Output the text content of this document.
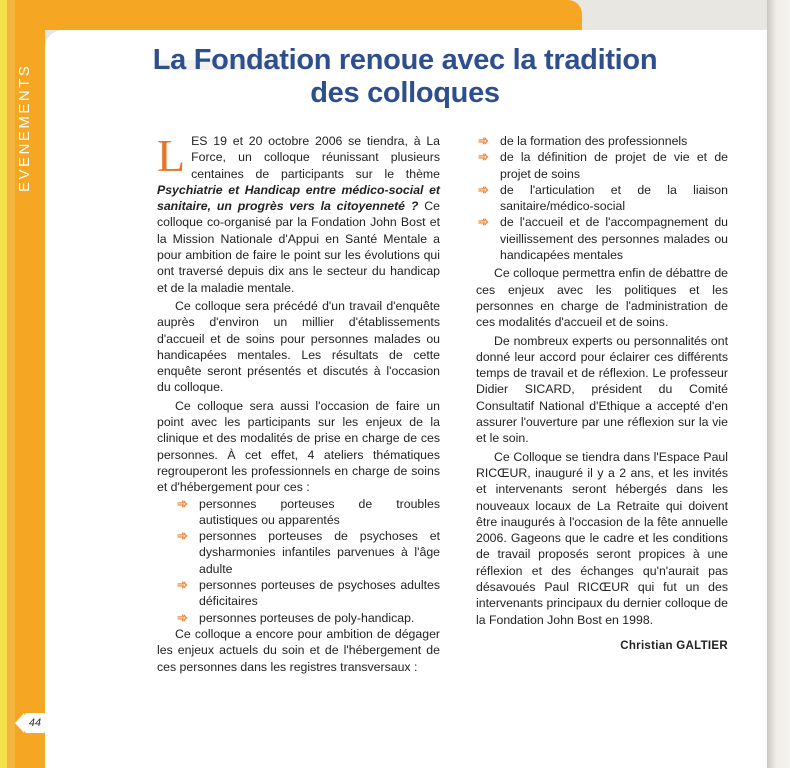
EVENEMENTS
44
La Fondation renoue avec la tradition
des colloques

LES 19 et 20 octobre 2006 se tiendra, à La Force, un colloque réunissant plusieurs centaines de participants sur le thème Psychiatrie et Handicap entre médico-social et sanitaire, un progrès vers la citoyenneté ? Ce colloque co-organisé par la Fondation John Bost et la Mission Nationale d'Appui en Santé Mentale a pour ambition de faire le point sur les évolutions qui ont traversé depuis dix ans le secteur du handicap et de la maladie mentale.

Ce colloque sera précédé d'un travail d'enquête auprès d'environ un millier d'établissements d'accueil et de soins pour personnes malades ou handicapées mentales. Les résultats de cette enquête seront présentés et discutés à l'occasion du colloque.

Ce colloque sera aussi l'occasion de faire un point avec les participants sur les enjeux de la clinique et des modalités de prise en charge de ces personnes. À cet effet, 4 ateliers thématiques regrouperont les professionnels en charge de soins et d'hébergement pour ces :

➾ personnes porteuses de troubles autistiques ou apparentés
➾ personnes porteuses de psychoses et dysharmonies infantiles parvenues à l'âge adulte
➾ personnes porteuses de psychoses adultes déficitaires
➾ personnes porteuses de poly-handicap.

Ce colloque a encore pour ambition de dégager les enjeux actuels du soin et de l'hébergement de ces personnes dans les registres transversaux :

➾ de la formation des professionnels
➾ de la définition de projet de vie et de projet de soins
➾ de l'articulation et de la liaison sanitaire/médico-social
➾ de l'accueil et de l'accompagnement du vieillissement des personnes malades ou handicapées mentales

Ce colloque permettra enfin de débattre de ces enjeux avec les politiques et les personnes en charge de l'administration de ces modalités d'accueil et de soins.

De nombreux experts ou personnalités ont donné leur accord pour éclairer ces différents temps de travail et de réflexion. Le professeur Didier SICARD, président du Comité Consultatif National d'Ethique a accepté d'en assurer l'ouverture par une réflexion sur la vie et le soin.

Ce Colloque se tiendra dans l'Espace Paul RICŒUR, inauguré il y a 2 ans, et les invités et intervenants seront hébergés dans les nouveaux locaux de La Retraite qui doivent être inaugurés à l'occasion de la fête annuelle 2006. Gageons que le cadre et les conditions de travail proposés seront propices à une réflexion et des échanges qu'n'aurait pas désavoués Paul RICŒUR qui fut un des intervenants principaux du dernier colloque de la Fondation John Bost en 1998.

Christian GALTIER
